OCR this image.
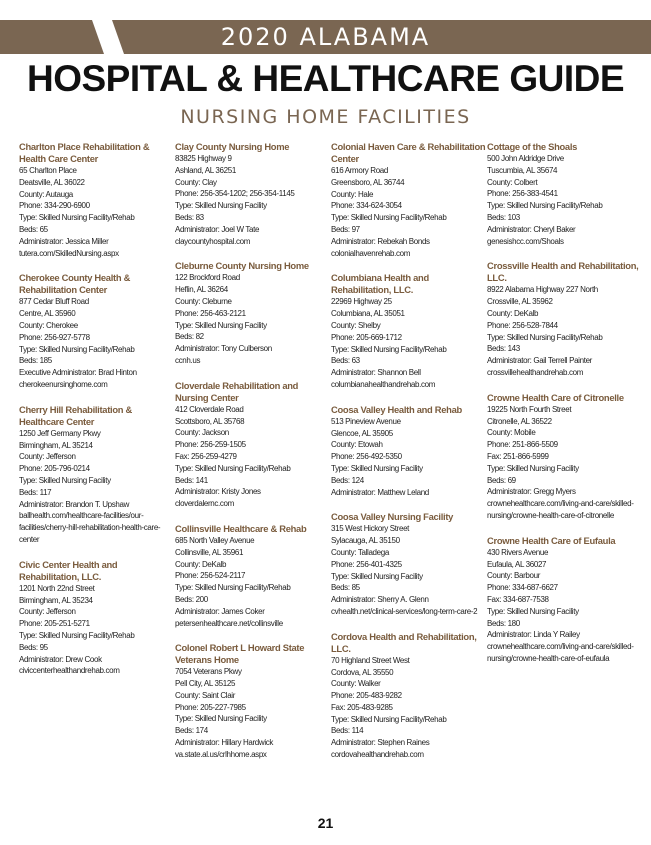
2020 ALABAMA
HOSPITAL & HEALTHCARE GUIDE
NURSING HOME FACILITIES
Charlton Place Rehabilitation & Health Care Center
65 Charlton Place
Deatsville, AL 36022
County: Autauga
Phone: 334-290-6900
Type: Skilled Nursing Facility/Rehab
Beds: 65
Administrator: Jessica Miller
tutera.com/SkilledNursing.aspx
Cherokee County Health & Rehabilitation Center
877 Cedar Bluff Road
Centre, AL 35960
County: Cherokee
Phone: 256-927-5778
Type: Skilled Nursing Facility/Rehab
Beds: 185
Executive Administrator: Brad Hinton
cherokeenursinghome.com
Cherry Hill Rehabilitation & Healthcare Center
1250 Jeff Germany Pkwy
Birmingham, AL 35214
County: Jefferson
Phone: 205-796-0214
Type: Skilled Nursing Facility
Beds: 117
Administrator: Brandon T. Upshaw
ballhealth.com/healthcare-facilities/our-facilities/cherry-hill-rehabilitation-health-care-center
Civic Center Health and Rehabilitation, LLC.
1201 North 22nd Street
Birmingham, AL 35234
County: Jefferson
Phone: 205-251-5271
Type: Skilled Nursing Facility/Rehab
Beds: 95
Administrator: Drew Cook
civiccenterhealthandrehab.com
Clay County Nursing Home
83825 Highway 9
Ashland, AL 36251
County: Clay
Phone: 256-354-1202; 256-354-1145
Type: Skilled Nursing Facility
Beds: 83
Administrator: Joel W Tate
claycountyhospital.com
Cleburne County Nursing Home
122 Brockford Road
Heflin, AL 36264
County: Cleburne
Phone: 256-463-2121
Type: Skilled Nursing Facility
Beds: 82
Administrator: Tony Culberson
ccnh.us
Cloverdale Rehabilitation and Nursing Center
412 Cloverdale Road
Scottsboro, AL 35768
County: Jackson
Phone: 256-259-1505
Fax: 256-259-4279
Type: Skilled Nursing Facility/Rehab
Beds: 141
Administrator: Kristy Jones
cloverdalernc.com
Collinsville Healthcare & Rehab
685 North Valley Avenue
Collinsville, AL 35961
County: DeKalb
Phone: 256-524-2117
Type: Skilled Nursing Facility/Rehab
Beds: 200
Administrator: James Coker
petersenhealthcare.net/collinsville
Colonel Robert L Howard State Veterans Home
7054 Veterans Pkwy
Pell City, AL 35125
County: Saint Clair
Phone: 205-227-7985
Type: Skilled Nursing Facility
Beds: 174
Administrator: Hillary Hardwick
va.state.al.us/crlhhome.aspx
Colonial Haven Care & Rehabilitation Center
616 Armory Road
Greensboro, AL 36744
County: Hale
Phone: 334-624-3054
Type: Skilled Nursing Facility/Rehab
Beds: 97
Administrator: Rebekah Bonds
colonialhavenrehab.com
Columbiana Health and Rehabilitation, LLC.
22969 Highway 25
Columbiana, AL 35051
County: Shelby
Phone: 205-669-1712
Type: Skilled Nursing Facility/Rehab
Beds: 63
Administrator: Shannon Bell
columbianahealthandrehab.com
Coosa Valley Health and Rehab
513 Pineview Avenue
Glencoe, AL 35905
County: Etowah
Phone: 256-492-5350
Type: Skilled Nursing Facility
Beds: 124
Administrator: Matthew Leland
Coosa Valley Nursing Facility
315 West Hickory Street
Sylacauga, AL 35150
County: Talladega
Phone: 256-401-4325
Type: Skilled Nursing Facility
Beds: 85
Administrator: Sherry A. Glenn
cvhealth.net/clinical-services/long-term-care-2
Cordova Health and Rehabilitation, LLC.
70 Highland Street West
Cordova, AL 35550
County: Walker
Phone: 205-483-9282
Fax: 205-483-9285
Type: Skilled Nursing Facility/Rehab
Beds: 114
Administrator: Stephen Raines
cordovahealthandrehab.com
Cottage of the Shoals
500 John Aldridge Drive
Tuscumbia, AL 35674
County: Colbert
Phone: 256-383-4541
Type: Skilled Nursing Facility/Rehab
Beds: 103
Administrator: Cheryl Baker
genesishcc.com/Shoals
Crossville Health and Rehabilitation, LLC.
8922 Alabama Highway 227 North
Crossville, AL 35962
County: DeKalb
Phone: 256-528-7844
Type: Skilled Nursing Facility/Rehab
Beds: 143
Administrator: Gail Terrell Painter
crossvillehealthandrehab.com
Crowne Health Care of Citronelle
19225 North Fourth Street
Citronelle, AL 36522
County: Mobile
Phone: 251-866-5509
Fax: 251-866-5999
Type: Skilled Nursing Facility
Beds: 69
Administrator: Gregg Myers
crownehealthcare.com/living-and-care/skilled-nursing/crowne-health-care-of-citronelle
Crowne Health Care of Eufaula
430 Rivers Avenue
Eufaula, AL 36027
County: Barbour
Phone: 334-687-6627
Fax: 334-687-7538
Type: Skilled Nursing Facility
Beds: 180
Administrator: Linda Y Railey
crownehealthcare.com/living-and-care/skilled-nursing/crowne-health-care-of-eufaula
21
